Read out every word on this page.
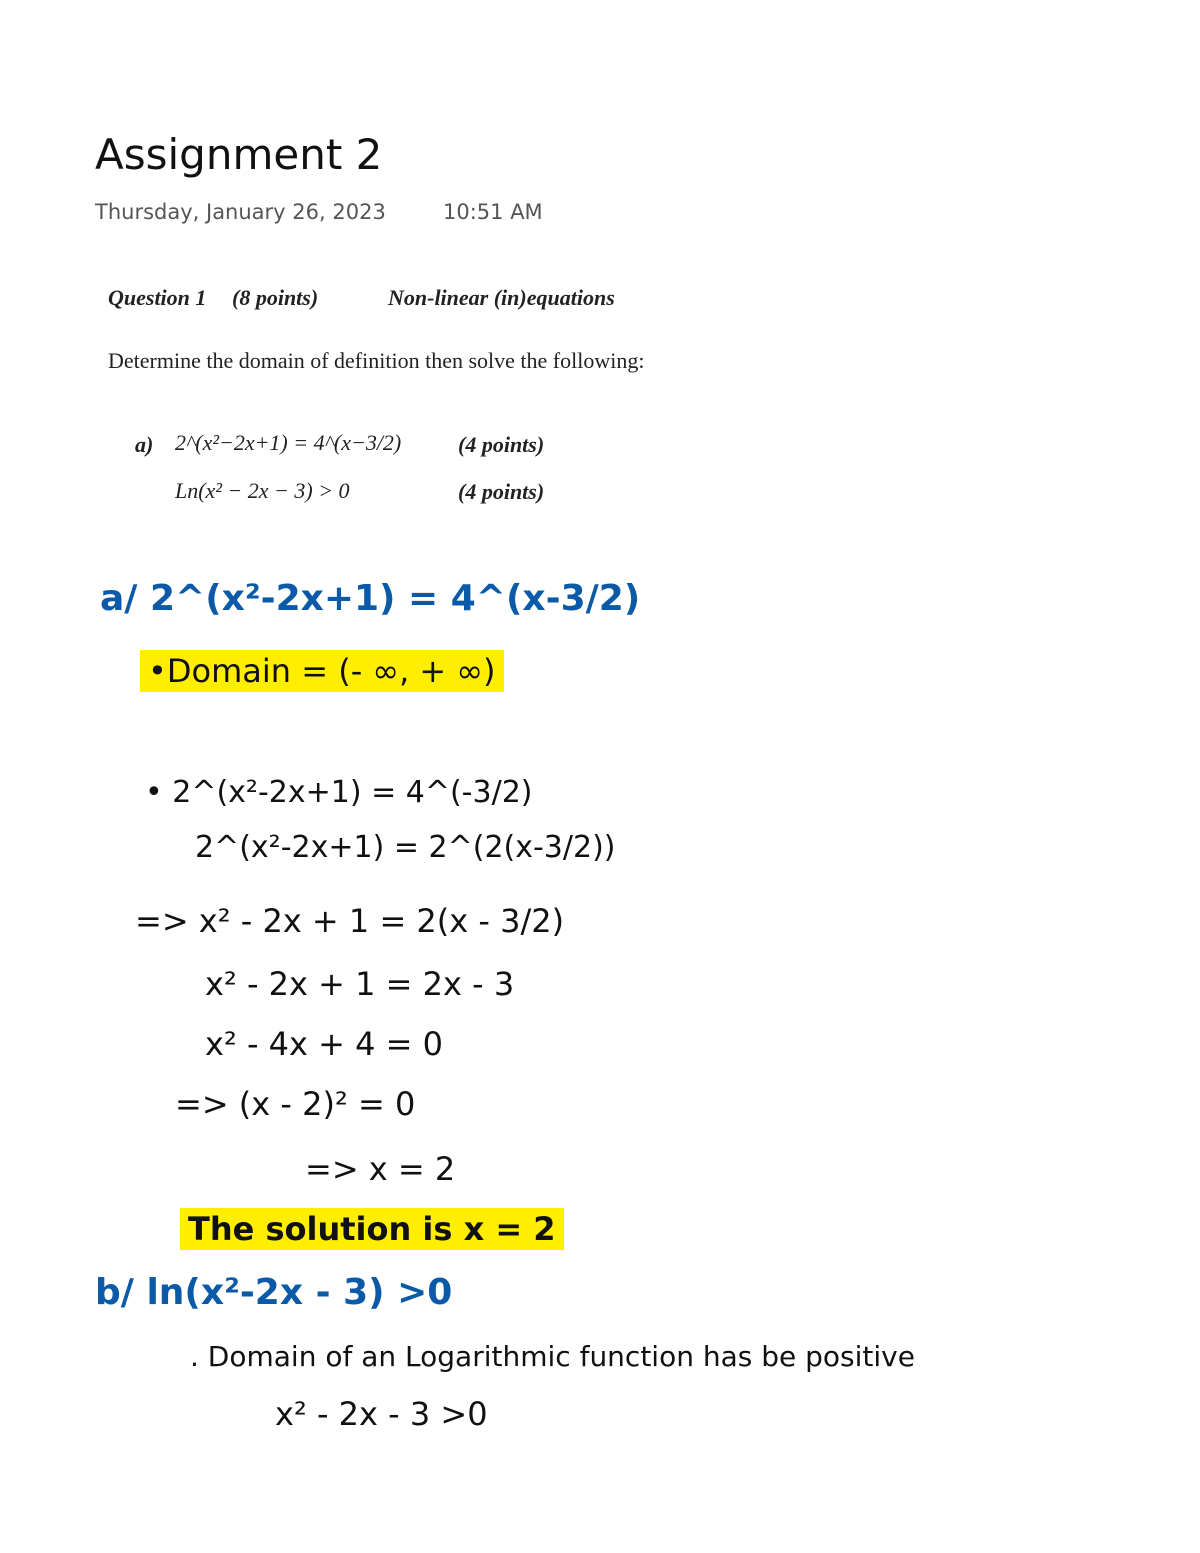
Assignment 2
Thursday, January 26, 2023	10:51 AM
Question 1 (8 points)	Non-linear (in)equations
Determine the domain of definition then solve the following:
a) 2^(x²−2x+1) = 4^(x−3/2)	(4 points)
Ln(x² − 2x − 3) > 0	(4 points)
a/ 2^(x²-2x+1) = 4^(x-3/2)
•Domain = (- ∞, + ∞)
• 2^(x²-2x+1) = 4^(-3/2)
2^(x²-2x+1) = 2^(2(x-3/2))
=> x² - 2x + 1 = 2(x - 3/2)
x² - 2x + 1 = 2x - 3
x² - 4x + 4 = 0
=> (x - 2)² = 0
=> x = 2
The solution is x = 2
b/ ln(x²-2x - 3) >0
. Domain of an Logarithmic function has be positive
x² - 2x - 3 >0
